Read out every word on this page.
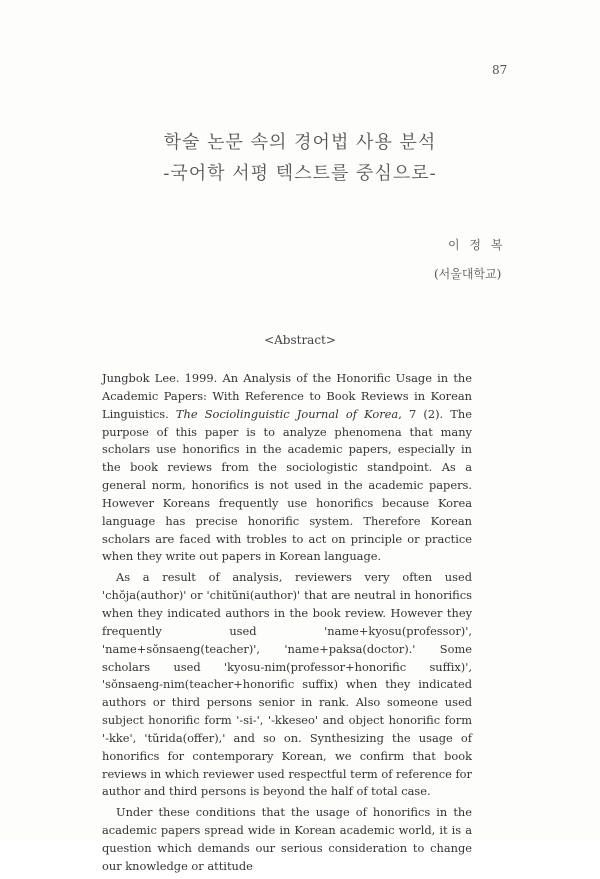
87
학술 논문 속의 경어법 사용 분석
-국어학 서평 텍스트를 중심으로-
이 정 복
(서울대학교)
<Abstract>

Jungbok Lee. 1999. An Analysis of the Honorific Usage in the Academic Papers: With Reference to Book Reviews in Korean Linguistics. The Sociolinguistic Journal of Korea, 7 (2). The purpose of this paper is to analyze phenomena that many scholars use honorifics in the academic papers, especially in the book reviews from the sociologistic standpoint. As a general norm, honorifics is not used in the academic papers. However Koreans frequently use honorifics because Korea language has precise honorific system. Therefore Korean scholars are faced with trobles to act on principle or practice when they write out papers in Korean language.

As a result of analysis, reviewers very often used 'chŏja(author)' or 'chitŭni(author)' that are neutral in honorifics when they indicated authors in the book review. However they frequently used 'name+kyosu(professor)', 'name+sŏnsaeng(teacher)', 'name+paksa(doctor).' Some scholars used 'kyosu-nim(professor+honorific suffix)', 'sŏnsaeng-nim(teacher+honorific suffix) when they indicated authors or third persons senior in rank. Also someone used subject honorific form '-si-', '-kkeseo' and object honorific form '-kke', 'tŭrida(offer),' and so on. Synthesizing the usage of honorifics for contemporary Korean, we confirm that book reviews in which reviewer used respectful term of reference for author and third persons is beyond the half of total case.

Under these conditions that the usage of honorifics in the academic papers spread wide in Korean academic world, it is a question which demands our serious consideration to change our knowledge or attitude
